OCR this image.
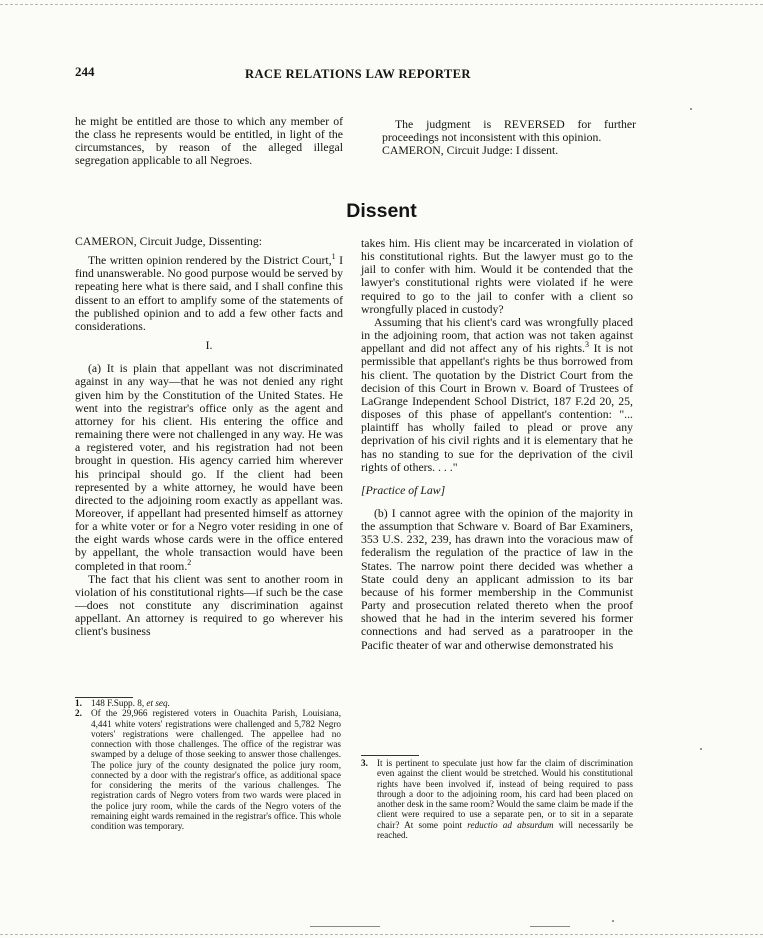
244	RACE RELATIONS LAW REPORTER

he might be entitled are those to which any member of the class he represents would be entitled, in light of the circumstances, by reason of the alleged illegal segregation applicable to all Negroes.

The judgment is REVERSED for further proceedings not inconsistent with this opinion.

CAMERON, Circuit Judge: I dissent.

Dissent

CAMERON, Circuit Judge, Dissenting:

The written opinion rendered by the District Court,$^1$ I find unanswerable. No good purpose would be served by repeating here what is there said, and I shall confine this dissent to an effort to amplify some of the statements of the published opinion and to add a few other facts and considerations.

I.

(a) It is plain that appellant was not discriminated against in any way—that he was not denied any right given him by the Constitution of the United States. He went into the registrar's office only as the agent and attorney for his client. His entering the office and remaining there were not challenged in any way. He was a registered voter, and his registration had not been brought in question. His agency carried him wherever his principal should go. If the client had been represented by a white attorney, he would have been directed to the adjoining room exactly as appellant was. Moreover, if appellant had presented himself as attorney for a white voter or for a Negro voter residing in one of the eight wards whose cards were in the office entered by appellant, the whole transaction would have been completed in that room.$^2$

The fact that his client was sent to another room in violation of his constitutional rights—if such be the case—does not constitute any discrimination against appellant. An attorney is required to go wherever his client's business

takes him. His client may be incarcerated in violation of his constitutional rights. But the lawyer must go to the jail to confer with him. Would it be contended that the lawyer's constitutional rights were violated if he were required to go to the jail to confer with a client so wrongfully placed in custody?

Assuming that his client's card was wrongfully placed in the adjoining room, that action was not taken against appellant and did not affect any of his rights.$^3$ It is not permissible that appellant's rights be thus borrowed from his client. The quotation by the District Court from the decision of this Court in Brown v. Board of Trustees of LaGrange Independent School District, 187 F.2d 20, 25, disposes of this phase of appellant's contention: "... plaintiff has wholly failed to plead or prove any deprivation of his civil rights and it is elementary that he has no standing to sue for the deprivation of the civil rights of others. . . ."

[Practice of Law]

(b) I cannot agree with the opinion of the majority in the assumption that Schware v. Board of Bar Examiners, 353 U.S. 232, 239, has drawn into the voracious maw of federalism the regulation of the practice of law in the States. The narrow point there decided was whether a State could deny an applicant admission to its bar because of his former membership in the Communist Party and prosecution related thereto when the proof showed that he had in the interim severed his former connections and had served as a paratrooper in the Pacific theater of war and otherwise demonstrated his

1. 148 F.Supp. 8, et seq.
2. Of the 29,966 registered voters in Ouachita Parish, Louisiana, 4,441 white voters' registrations were challenged and 5,782 Negro voters' registrations were challenged. The appellee had no connection with those challenges. The office of the registrar was swamped by a deluge of those seeking to answer those challenges. The police jury of the county designated the police jury room, connected by a door with the registrar's office, as additional space for considering the merits of the various challenges. The registration cards of Negro voters from two wards were placed in the police jury room, while the cards of the Negro voters of the remaining eight wards remained in the registrar's office. This whole condition was temporary.
3. It is pertinent to speculate just how far the claim of discrimination even against the client would be stretched. Would his constitutional rights have been involved if, instead of being required to pass through a door to the adjoining room, his card had been placed on another desk in the same room? Would the same claim be made if the client were required to use a separate pen, or to sit in a separate chair? At some point reductio ad absurdum will necessarily be reached.
